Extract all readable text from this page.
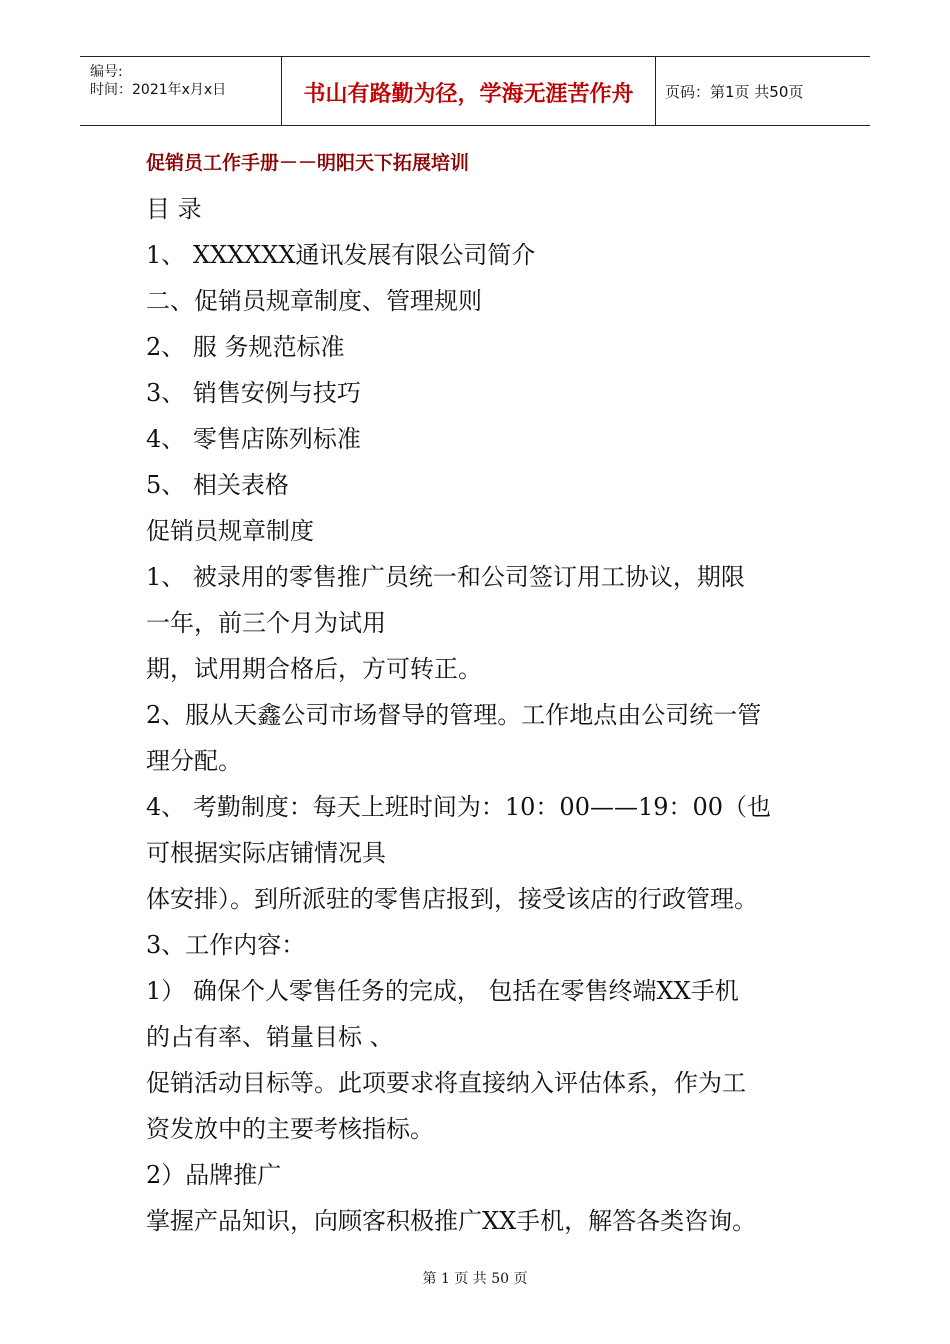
编号:
时间：2021年x月x日	书山有路勤为径，学海无涯苦作舟	页码：第1页 共50页
促销员工作手册－－明阳天下拓展培训
目 录
1、 XXXXXX通讯发展有限公司简介
二、促销员规章制度、管理规则
2、 服 务规范标准
3、 销售安例与技巧
4、 零售店陈列标准
5、 相关表格
促销员规章制度
1、 被录用的零售推广员统一和公司签订用工协议，期限
一年，前三个月为试用
期，试用期合格后，方可转正。
2、服从天鑫公司市场督导的管理。工作地点由公司统一管
理分配。
4、 考勤制度：每天上班时间为：10：00——19：00（也
可根据实际店铺情况具
体安排）。到所派驻的零售店报到，接受该店的行政管理。
3、工作内容：
1） 确保个人零售任务的完成， 包括在零售终端XX手机
的占有率、销量目标 、
促销活动目标等。此项要求将直接纳入评估体系，作为工
资发放中的主要考核指标。
2）品牌推广
掌握产品知识，向顾客积极推广XX手机，解答各类咨询。
第 1 页 共 50 页
